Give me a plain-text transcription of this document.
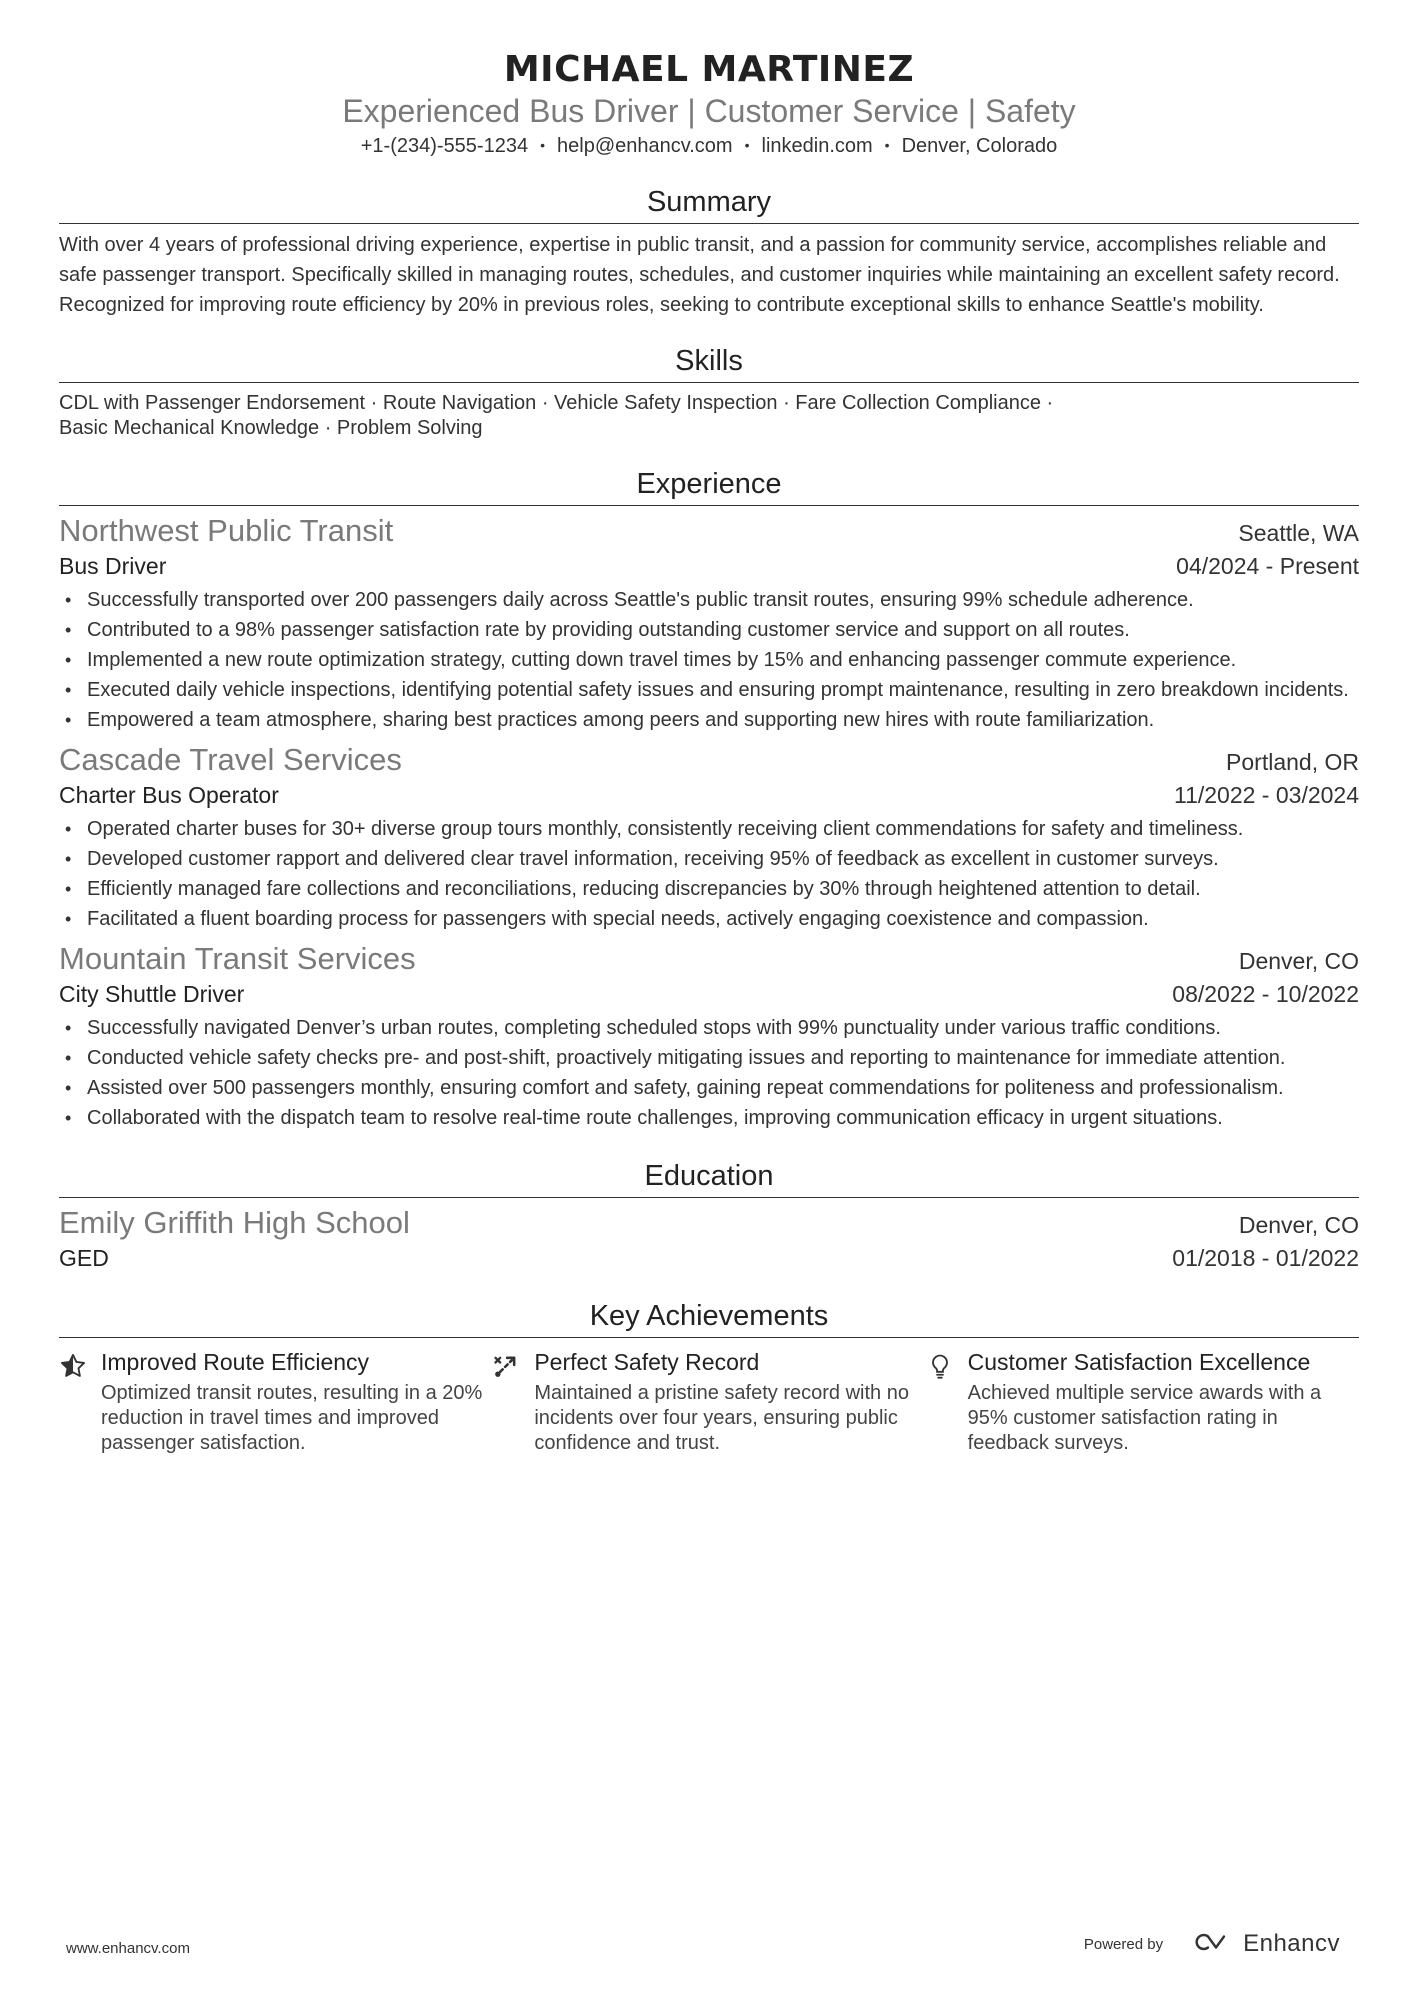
MICHAEL MARTINEZ
Experienced Bus Driver | Customer Service | Safety
+1-(234)-555-1234 • help@enhancv.com • linkedin.com • Denver, Colorado
Summary
With over 4 years of professional driving experience, expertise in public transit, and a passion for community service, accomplishes reliable and safe passenger transport. Specifically skilled in managing routes, schedules, and customer inquiries while maintaining an excellent safety record. Recognized for improving route efficiency by 20% in previous roles, seeking to contribute exceptional skills to enhance Seattle's mobility.
Skills
CDL with Passenger Endorsement · Route Navigation · Vehicle Safety Inspection · Fare Collection Compliance ·
Basic Mechanical Knowledge · Problem Solving
Experience
Northwest Public Transit	Seattle, WA
Bus Driver	04/2024 - Present
• Successfully transported over 200 passengers daily across Seattle's public transit routes, ensuring 99% schedule adherence.
• Contributed to a 98% passenger satisfaction rate by providing outstanding customer service and support on all routes.
• Implemented a new route optimization strategy, cutting down travel times by 15% and enhancing passenger commute experience.
• Executed daily vehicle inspections, identifying potential safety issues and ensuring prompt maintenance, resulting in zero breakdown incidents.
• Empowered a team atmosphere, sharing best practices among peers and supporting new hires with route familiarization.
Cascade Travel Services	Portland, OR
Charter Bus Operator	11/2022 - 03/2024
• Operated charter buses for 30+ diverse group tours monthly, consistently receiving client commendations for safety and timeliness.
• Developed customer rapport and delivered clear travel information, receiving 95% of feedback as excellent in customer surveys.
• Efficiently managed fare collections and reconciliations, reducing discrepancies by 30% through heightened attention to detail.
• Facilitated a fluent boarding process for passengers with special needs, actively engaging coexistence and compassion.
Mountain Transit Services	Denver, CO
City Shuttle Driver	08/2022 - 10/2022
• Successfully navigated Denver’s urban routes, completing scheduled stops with 99% punctuality under various traffic conditions.
• Conducted vehicle safety checks pre- and post-shift, proactively mitigating issues and reporting to maintenance for immediate attention.
• Assisted over 500 passengers monthly, ensuring comfort and safety, gaining repeat commendations for politeness and professionalism.
• Collaborated with the dispatch team to resolve real-time route challenges, improving communication efficacy in urgent situations.
Education
Emily Griffith High School	Denver, CO
GED	01/2018 - 01/2022
Key Achievements
Improved Route Efficiency
Optimized transit routes, resulting in a 20% reduction in travel times and improved passenger satisfaction.
Perfect Safety Record
Maintained a pristine safety record with no incidents over four years, ensuring public confidence and trust.
Customer Satisfaction Excellence
Achieved multiple service awards with a 95% customer satisfaction rating in feedback surveys.
www.enhancv.com	Powered by	Enhancv
